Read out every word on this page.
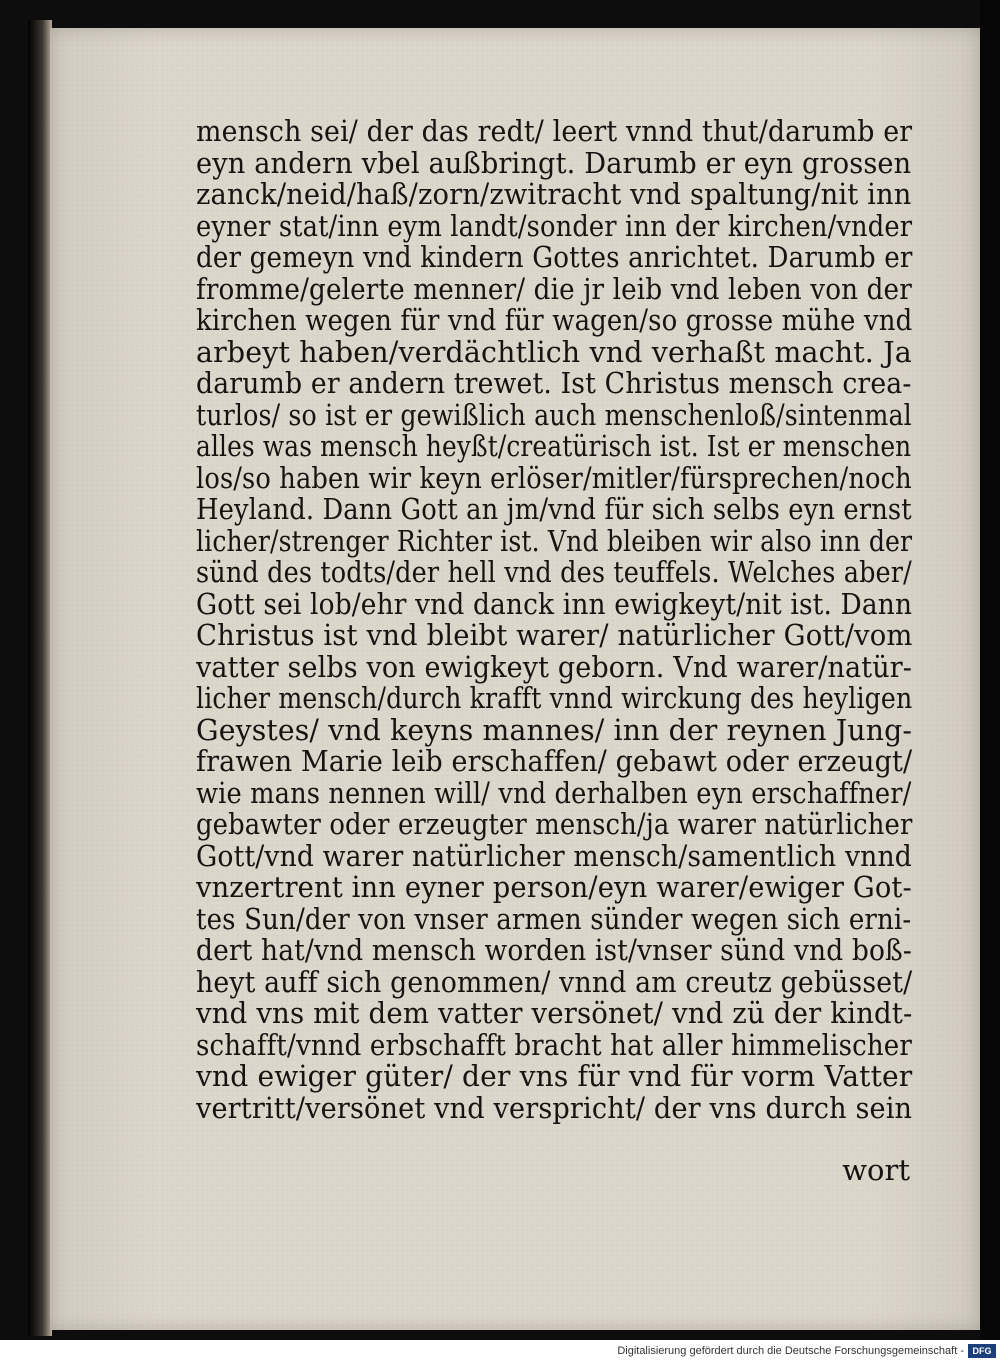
mensch sei/ der das redt/ leert vnnd thut/darumb er
eyn andern vbel außbringt. Darumb er eyn grossen
zanck/neid/haß/zorn/zwitracht vnd spaltung/nit inn
eyner stat/inn eym landt/sonder inn der kirchen/vnder
der gemeyn vnd kindern Gottes anrichtet. Darumb er
fromme/gelerte menner/ die jr leib vnd leben von der
kirchen wegen für vnd für wagen/so grosse mühe vnd
arbeyt haben/verdächtlich vnd verhaßt macht. Ja
darumb er andern trewet. Ist Christus mensch crea-
turlos/ so ist er gewißlich auch menschenloß/sintenmal
alles was mensch heyßt/creatürisch ist. Ist er menschen
los/so haben wir keyn erlöser/mitler/fürsprechen/noch
Heyland. Dann Gott an jm/vnd für sich selbs eyn ernst
licher/strenger Richter ist. Vnd bleiben wir also inn der
sünd des todts/der hell vnd des teuffels. Welches aber/
Gott sei lob/ehr vnd danck inn ewigkeyt/nit ist. Dann
Christus ist vnd bleibt warer/ natürlicher Gott/vom
vatter selbs von ewigkeyt geborn. Vnd warer/natür-
licher mensch/durch krafft vnnd wirckung des heyligen
Geystes/ vnd keyns mannes/ inn der reynen Jung-
frawen Marie leib erschaffen/ gebawt oder erzeugt/
wie mans nennen will/ vnd derhalben eyn erschaffner/
gebawter oder erzeugter mensch/ja warer natürlicher
Gott/vnd warer natürlicher mensch/samentlich vnnd
vnzertrent inn eyner person/eyn warer/ewiger Got-
tes Sun/der von vnser armen sünder wegen sich erni-
dert hat/vnd mensch worden ist/vnser sünd vnd boß-
heyt auff sich genommen/ vnnd am creutz gebüsset/
vnd vns mit dem vatter versönet/ vnd zü der kindt-
schafft/vnnd erbschafft bracht hat aller himmelischer
vnd ewiger güter/ der vns für vnd für vorm Vatter
vertritt/versönet vnd verspricht/ der vns durch sein
wort
Digitalisierung gefördert durch die Deutsche Forschungsgemeinschaft - DFG
